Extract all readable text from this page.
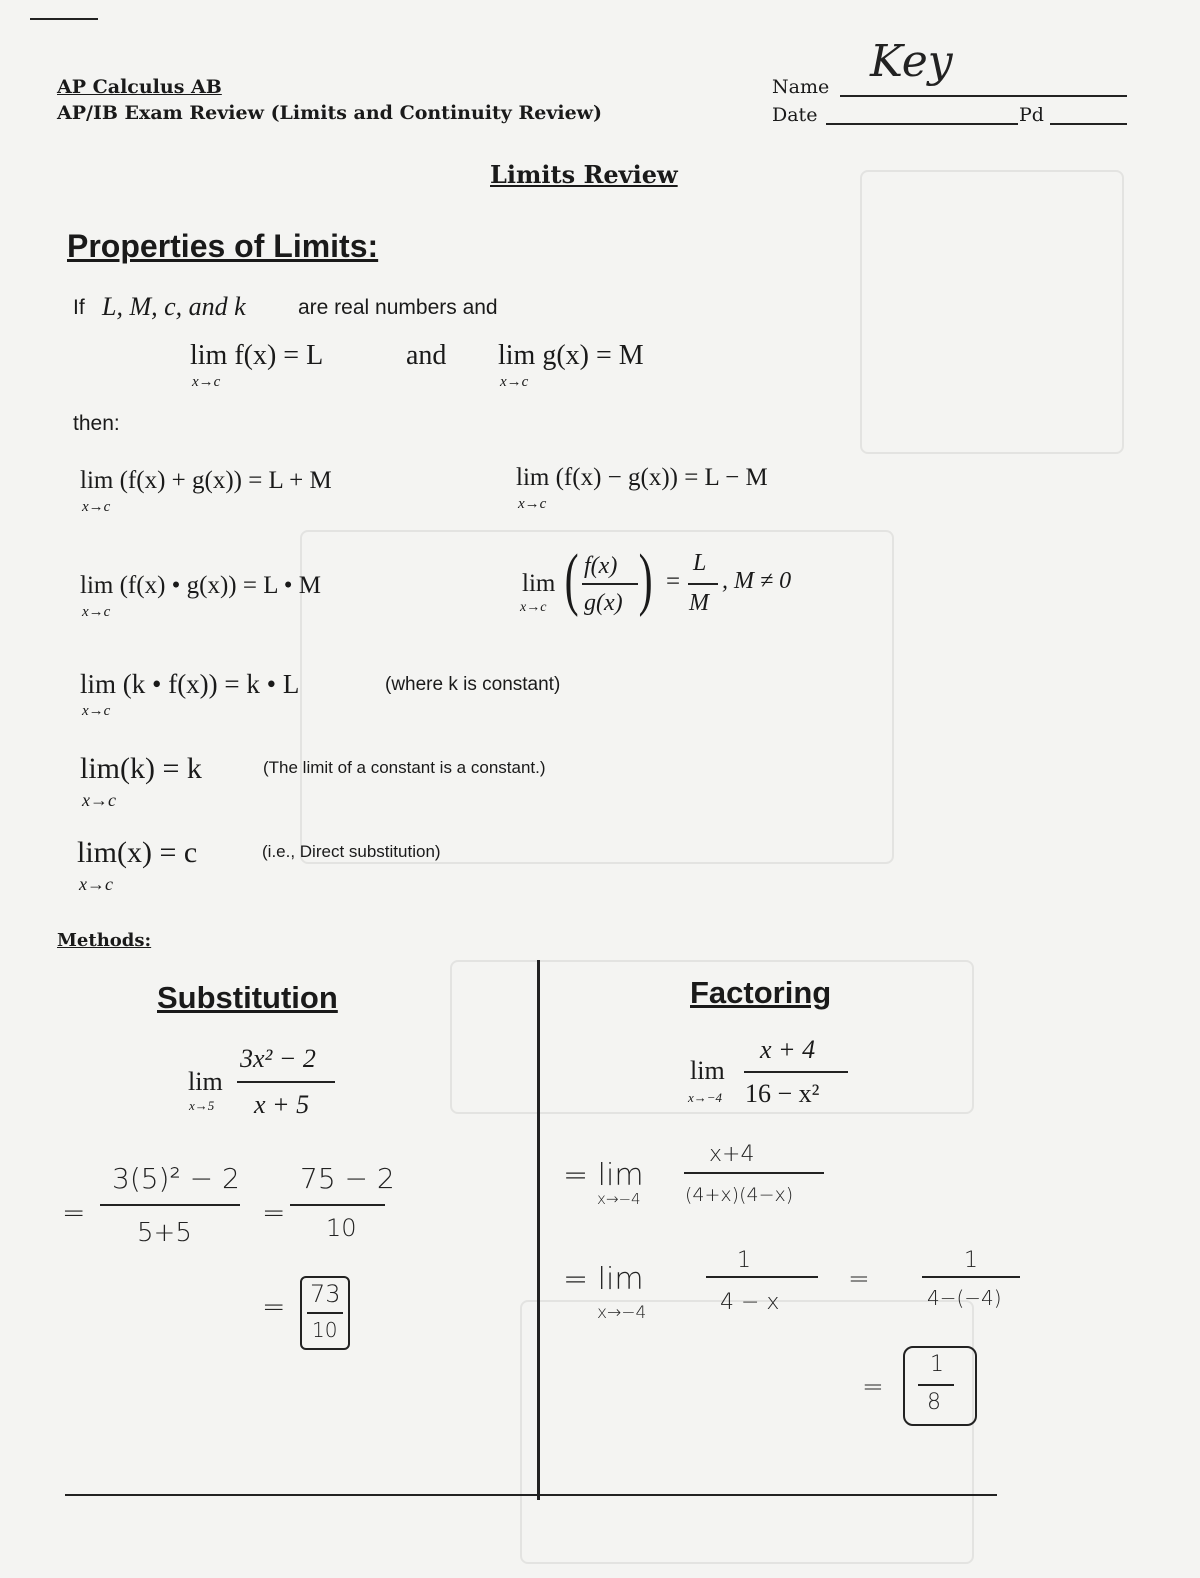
AP Calculus AB
AP/IB Exam Review (Limits and Continuity Review)
Name Key
Date	Pd
Limits Review
Properties of Limits:
If L, M, c, and k are real numbers and
lim f(x) = L
x→c
and lim g(x) = M
x→c
then:
lim (f(x) + g(x)) = L + M
x→c
lim (f(x) − g(x)) = L − M
x→c
lim (f(x) • g(x)) = L • M
x→c
lim
x→c ( f(x)
g(x) ) =
L
M
, M ≠ 0
lim (k • f(x)) = k • L
x→c
(where k is constant)
lim(k) = k
x→c
(The limit of a constant is a constant.)
lim(x) = c
x→c
(i.e., Direct substitution)
Methods:
Substitution
lim
x→5
3x² − 2
x + 5
=
3(5)² − 2
5+5
=
75 − 2
10
= 73
10
Factoring
lim
x→−4
x + 4
16 − x²
= lim
x→−4
x+4
(4+x)(4−x)
= lim
x→−4
1
4 − x
=
1
4−(−4)
=
1
8
